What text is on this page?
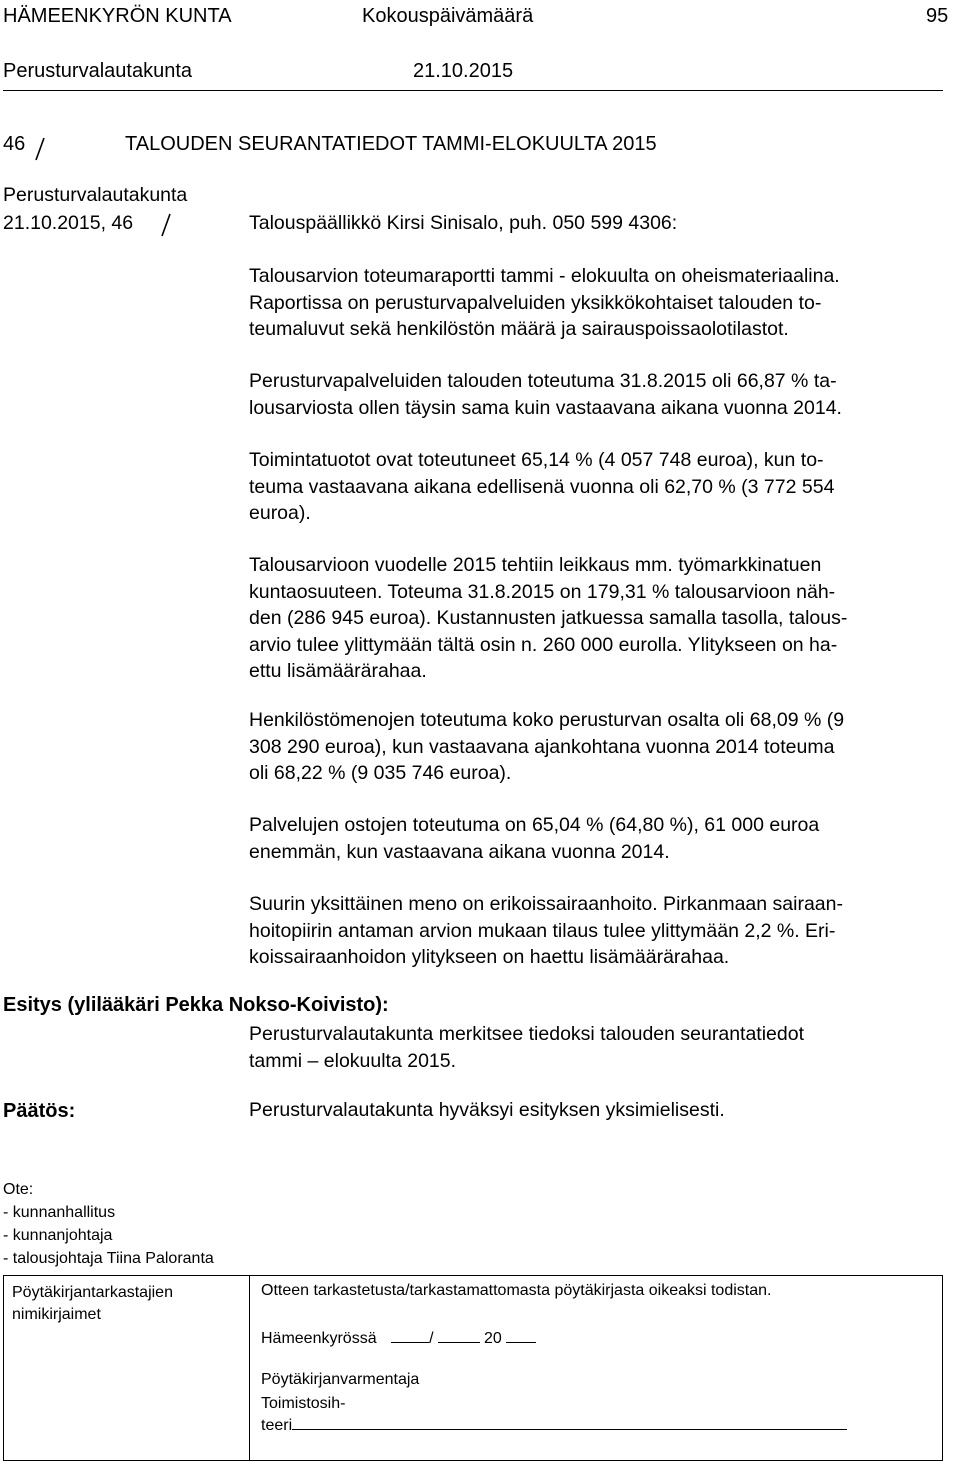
HÄMEENKYRÖN KUNTA	Kokouspäivämäärä	95
Perusturvalautakunta	21.10.2015
46	TALOUDEN SEURANTATIEDOT TAMMI-ELOKUULTA 2015
Perusturvalautakunta
21.10.2015, 46	Talouspäällikkö Kirsi Sinisalo, puh. 050 599 4306:
Talousarvion toteumaraportti tammi - elokuulta on oheismateriaalina.
Raportissa on perusturvapalveluiden yksikkökohtaiset talouden to-
teumaluvut sekä henkilöstön määrä ja sairauspoissaolotilastot.
Perusturvapalveluiden talouden toteutuma 31.8.2015 oli 66,87 % ta-
lousarviosta ollen täysin sama kuin vastaavana aikana vuonna 2014.
Toimintatuotot ovat toteutuneet 65,14 % (4 057 748 euroa), kun to-
teuma vastaavana aikana edellisenä vuonna oli 62,70 % (3 772 554
euroa).
Talousarvioon vuodelle 2015 tehtiin leikkaus mm. työmarkkinatuen
kuntaosuuteen. Toteuma 31.8.2015 on 179,31 % talousarvioon näh-
den (286 945 euroa). Kustannusten jatkuessa samalla tasolla, talous-
arvio tulee ylittymään tältä osin n. 260 000 eurolla. Ylitykseen on ha-
ettu lisämäärärahaa.
Henkilöstömenojen toteutuma koko perusturvan osalta oli 68,09 % (9
308 290 euroa), kun vastaavana ajankohtana vuonna 2014 toteuma
oli 68,22 % (9 035 746 euroa).
Palvelujen ostojen toteutuma on 65,04 % (64,80 %), 61 000 euroa
enemmän, kun vastaavana aikana vuonna 2014.
Suurin yksittäinen meno on erikoissairaanhoito. Pirkanmaan sairaan-
hoitopiirin antaman arvion mukaan tilaus tulee ylittymään 2,2 %. Eri-
koissairaanhoidon ylitykseen on haettu lisämäärärahaa.
Esitys (ylilääkäri Pekka Nokso-Koivisto):
Perusturvalautakunta merkitsee tiedoksi talouden seurantatiedot
tammi – elokuulta 2015.
Päätös:	Perusturvalautakunta hyväksyi esityksen yksimielisesti.
Ote:
- kunnanhallitus
- kunnanjohtaja
- talousjohtaja Tiina Paloranta
Pöytäkirjantarkastajien
nimikirjaimet
Otteen tarkastetusta/tarkastamattomasta pöytäkirjasta oikeaksi todistan.
Hämeenkyrössä	/	20
Pöytäkirjanvarmentaja
Toimistosih-
teeri
